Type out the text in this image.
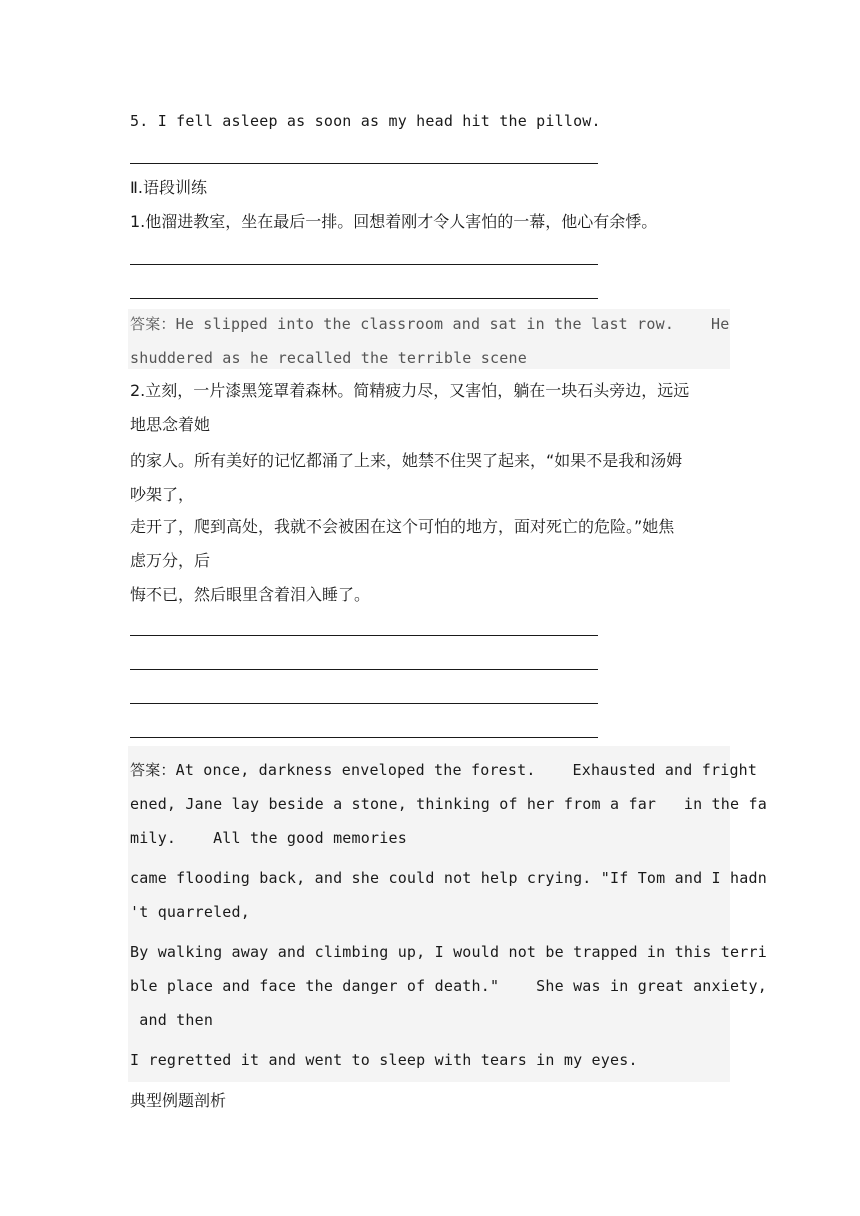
5. I fell asleep as soon as my head hit the pillow.

Ⅱ.语段训练

1.他溜进教室，坐在最后一排。回想着刚才令人害怕的一幕，他心有余悸。

答案：He slipped into the classroom and sat in the last row.    He

shuddered as he recalled the terrible scene

2.立刻，一片漆黑笼罩着森林。简精疲力尽，又害怕，躺在一块石头旁边，远远

地思念着她

的家人。所有美好的记忆都涌了上来，她禁不住哭了起来，“如果不是我和汤姆

吵架了，

走开了，爬到高处，我就不会被困在这个可怕的地方，面对死亡的危险。”她焦

虑万分，后

悔不已，然后眼里含着泪入睡了。

答案：At once, darkness enveloped the forest.    Exhausted and fright

ened, Jane lay beside a stone, thinking of her from a far   in the fa

mily.    All the good memories

came flooding back, and she could not help crying. "If Tom and I hadn

't quarreled,

By walking away and climbing up, I would not be trapped in this terri

ble place and face the danger of death."    She was in great anxiety,

and then

I regretted it and went to sleep with tears in my eyes.

典型例题剖析
